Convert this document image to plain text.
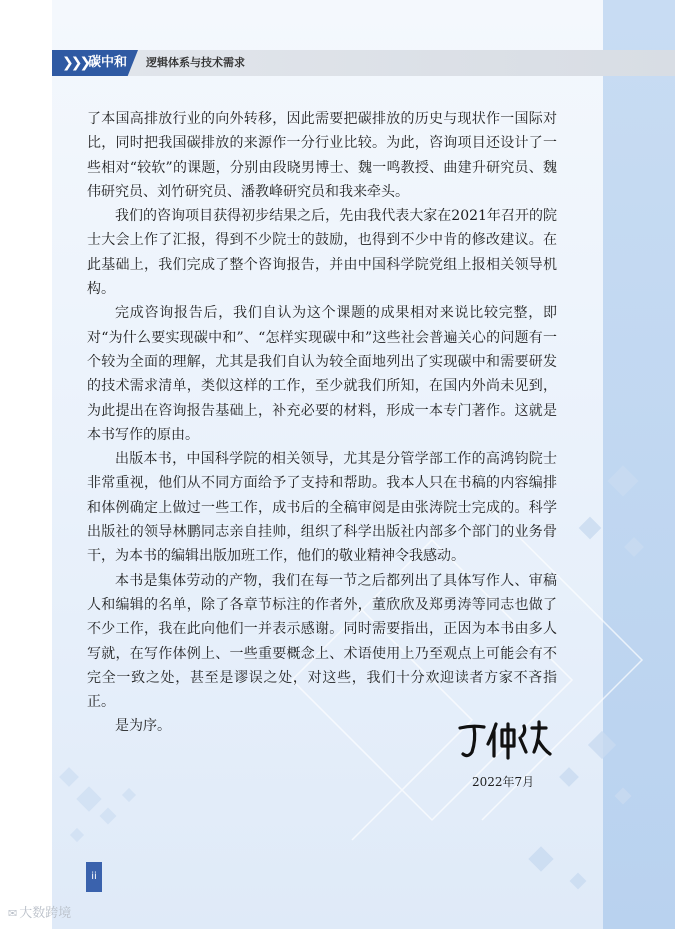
❯❯❯ 碳中和 逻辑体系与技术需求

了本国高排放行业的向外转移，因此需要把碳排放的历史与现状作一国际对比，同时把我国碳排放的来源作一分行业比较。为此，咨询项目还设计了一些相对“较软”的课题，分别由段晓男博士、魏一鸣教授、曲建升研究员、魏伟研究员、刘竹研究员、潘教峰研究员和我来牵头。

我们的咨询项目获得初步结果之后，先由我代表大家在2021年召开的院士大会上作了汇报，得到不少院士的鼓励，也得到不少中肯的修改建议。在此基础上，我们完成了整个咨询报告，并由中国科学院党组上报相关领导机构。

完成咨询报告后，我们自认为这个课题的成果相对来说比较完整，即对“为什么要实现碳中和”、“怎样实现碳中和”这些社会普遍关心的问题有一个较为全面的理解，尤其是我们自认为较全面地列出了实现碳中和需要研发的技术需求清单，类似这样的工作，至少就我们所知，在国内外尚未见到，为此提出在咨询报告基础上，补充必要的材料，形成一本专门著作。这就是本书写作的原由。

出版本书，中国科学院的相关领导，尤其是分管学部工作的高鸿钧院士非常重视，他们从不同方面给予了支持和帮助。我本人只在书稿的内容编排和体例确定上做过一些工作，成书后的全稿审阅是由张涛院士完成的。科学出版社的领导林鹏同志亲自挂帅，组织了科学出版社内部多个部门的业务骨干，为本书的编辑出版加班工作，他们的敬业精神令我感动。

本书是集体劳动的产物，我们在每一节之后都列出了具体写作人、审稿人和编辑的名单，除了各章节标注的作者外，董欣欣及郑勇涛等同志也做了不少工作，我在此向他们一并表示感谢。同时需要指出，正因为本书由多人写就，在写作体例上、一些重要概念上、术语使用上乃至观点上可能会有不完全一致之处，甚至是谬误之处，对这些，我们十分欢迎读者方家不吝指正。

是为序。

2022年7月
ii
✉ 大数跨境
